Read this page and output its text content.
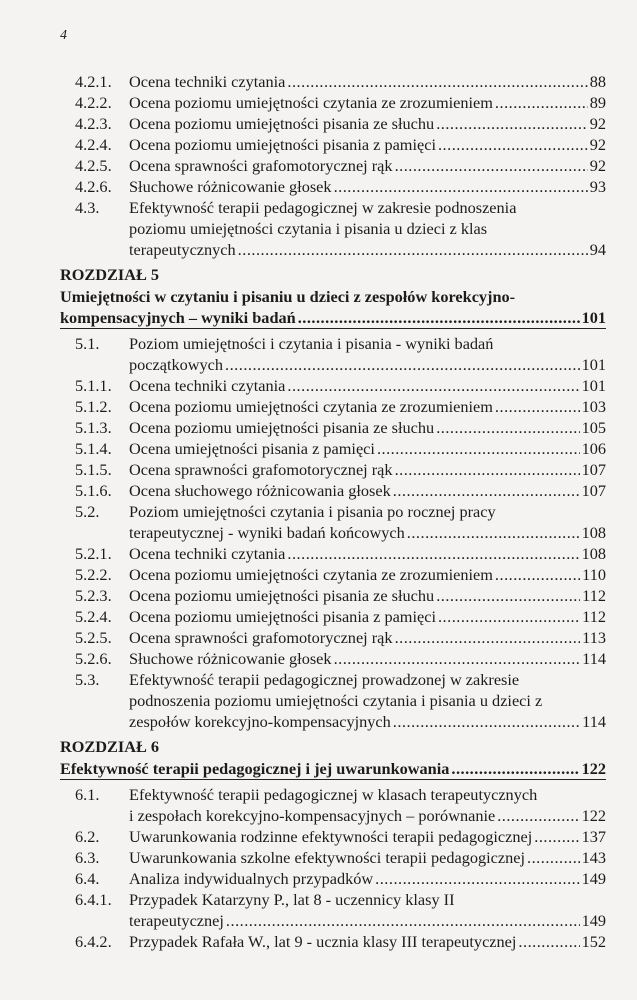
4
4.2.1.	Ocena techniki czytania .....	88
4.2.2.	Ocena poziomu umiejętności czytania ze zrozumieniem .....	89
4.2.3.	Ocena poziomu umiejętności pisania ze słuchu .....	92
4.2.4.	Ocena poziomu umiejętności pisania z pamięci .....	92
4.2.5.	Ocena sprawności grafomotorycznej rąk .....	92
4.2.6.	Słuchowe różnicowanie głosek .....	93
4.3.	Efektywność terapii pedagogicznej w zakresie podnoszenia
poziomu umiejętności czytania i pisania u dzieci z klas
terapeutycznych .....	94
ROZDZIAŁ 5
Umiejętności w czytaniu i pisaniu u dzieci z zespołów korekcyjno-
kompensacyjnych – wyniki badań .....	101
5.1.	Poziom umiejętności i czytania i pisania - wyniki badań
początkowych .....	101
5.1.1.	Ocena techniki czytania .....	101
5.1.2.	Ocena poziomu umiejętności czytania ze zrozumieniem .....	103
5.1.3.	Ocena poziomu umiejętności pisania ze słuchu .....	105
5.1.4.	Ocena umiejętności pisania z pamięci .....	106
5.1.5.	Ocena sprawności grafomotorycznej rąk .....	107
5.1.6.	Ocena słuchowego różnicowania głosek .....	107
5.2.	Poziom umiejętności czytania i pisania po rocznej pracy
terapeutycznej - wyniki badań końcowych .....	108
5.2.1.	Ocena techniki czytania .....	108
5.2.2.	Ocena poziomu umiejętności czytania ze zrozumieniem .....	110
5.2.3.	Ocena poziomu umiejętności pisania ze słuchu .....	112
5.2.4.	Ocena poziomu umiejętności pisania z pamięci .....	112
5.2.5.	Ocena sprawności grafomotorycznej rąk .....	113
5.2.6.	Słuchowe różnicowanie głosek .....	114
5.3.	Efektywność terapii pedagogicznej prowadzonej w zakresie
podnoszenia poziomu umiejętności czytania i pisania u dzieci z
zespołów korekcyjno-kompensacyjnych .....	114
ROZDZIAŁ 6
Efektywność terapii pedagogicznej i jej uwarunkowania .....	122
6.1.	Efektywność terapii pedagogicznej w klasach terapeutycznych
i zespołach korekcyjno-kompensacyjnych – porównanie .....	122
6.2.	Uwarunkowania rodzinne efektywności terapii pedagogicznej .....	137
6.3.	Uwarunkowania szkolne efektywności terapii pedagogicznej .....	143
6.4.	Analiza indywidualnych przypadków .....	149
6.4.1.	Przypadek Katarzyny P., lat 8 - uczennicy klasy II
terapeutycznej .....	149
6.4.2.	Przypadek Rafała W., lat 9 - ucznia klasy III terapeutycznej .....	152
